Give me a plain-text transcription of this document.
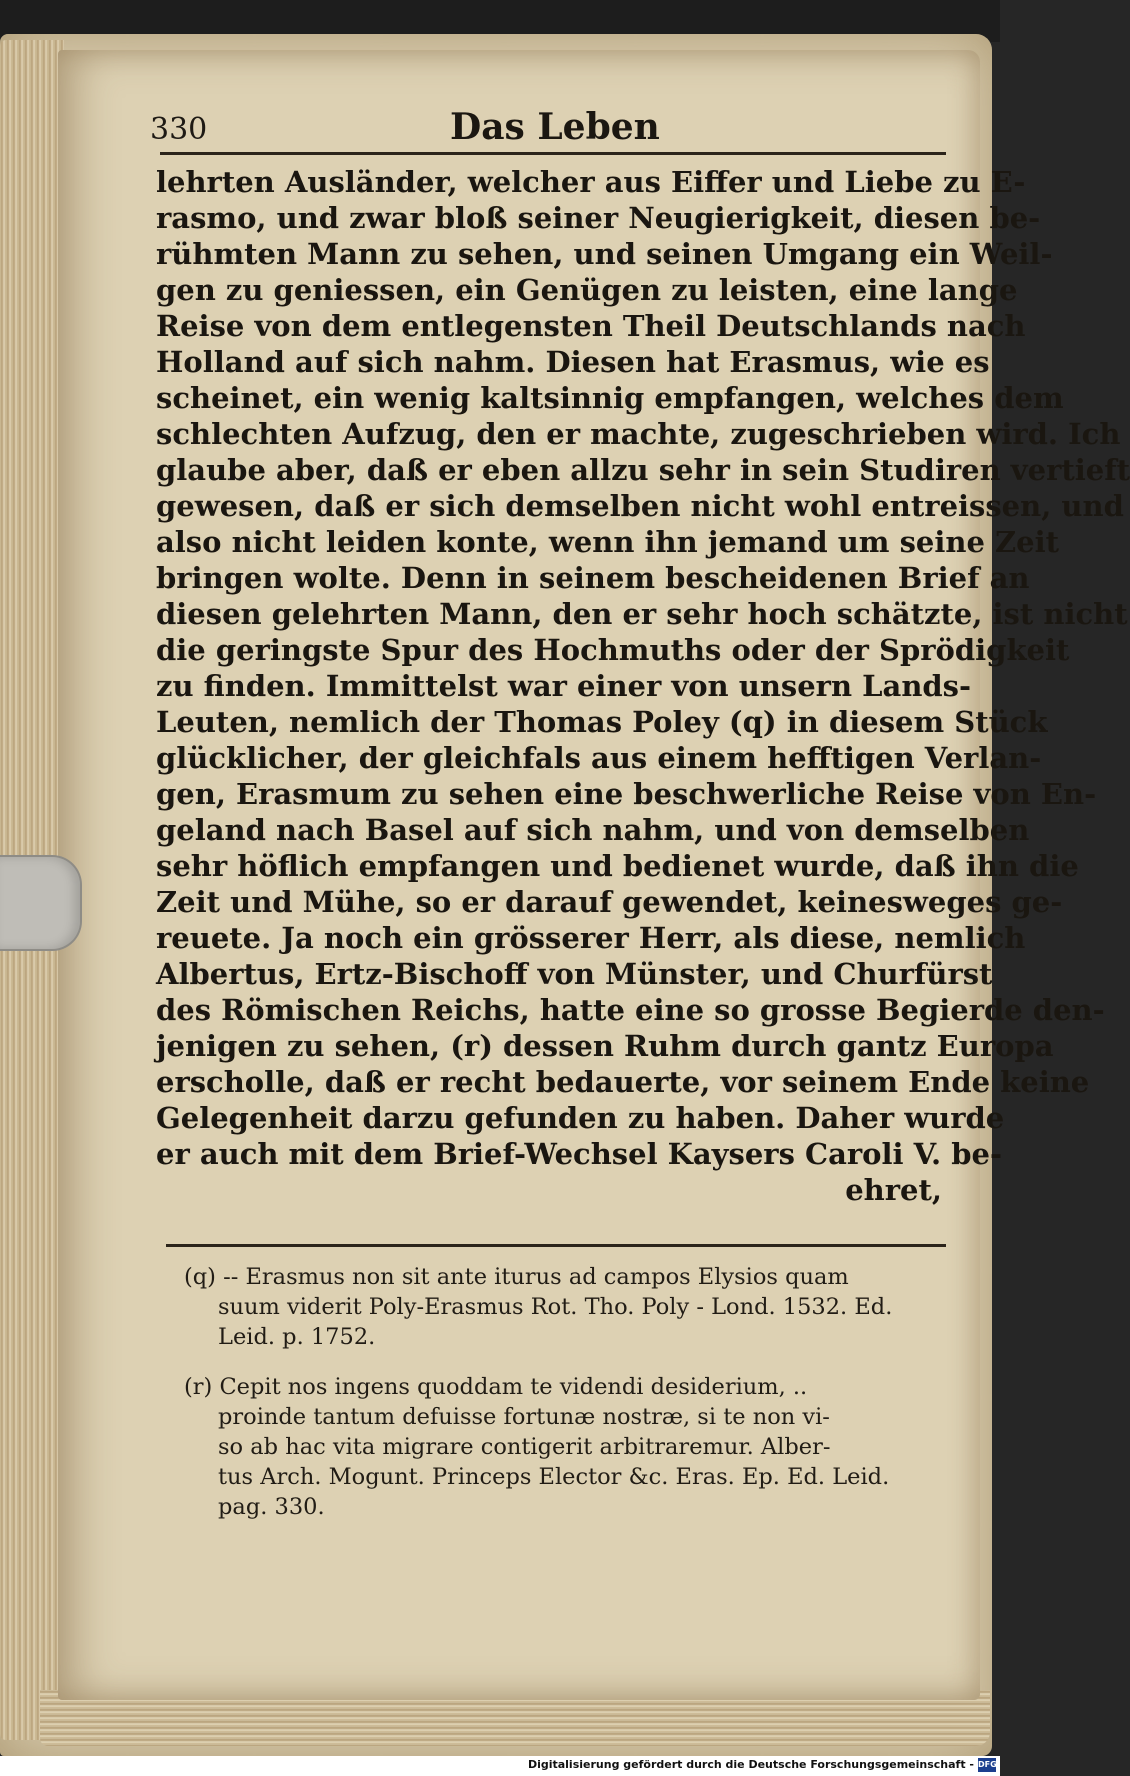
330	Das Leben
lehrten Ausländer, welcher aus Eiffer und Liebe zu E-
rasmo, und zwar bloß seiner Neugierigkeit, diesen be-
rühmten Mann zu sehen, und seinen Umgang ein Weil-
gen zu geniessen, ein Genügen zu leisten, eine lange
Reise von dem entlegensten Theil Deutschlands nach
Holland auf sich nahm. Diesen hat Erasmus, wie es
scheinet, ein wenig kaltsinnig empfangen, welches dem
schlechten Aufzug, den er machte, zugeschrieben wird. Ich
glaube aber, daß er eben allzu sehr in sein Studiren vertieft
gewesen, daß er sich demselben nicht wohl entreissen, und
also nicht leiden konte, wenn ihn jemand um seine Zeit
bringen wolte. Denn in seinem bescheidenen Brief an
diesen gelehrten Mann, den er sehr hoch schätzte, ist nicht
die geringste Spur des Hochmuths oder der Sprödigkeit
zu finden. Immittelst war einer von unsern Lands-
Leuten, nemlich der Thomas Poley (q) in diesem Stück
glücklicher, der gleichfals aus einem hefftigen Verlan-
gen, Erasmum zu sehen eine beschwerliche Reise von En-
geland nach Basel auf sich nahm, und von demselben
sehr höflich empfangen und bedienet wurde, daß ihn die
Zeit und Mühe, so er darauf gewendet, keinesweges ge-
reuete. Ja noch ein grösserer Herr, als diese, nemlich
Albertus, Ertz-Bischoff von Münster, und Churfürst
des Römischen Reichs, hatte eine so grosse Begierde den-
jenigen zu sehen, (r) dessen Ruhm durch gantz Europa
erschollе, daß er recht bedauerte, vor seinem Ende keine
Gelegenheit darzu gefunden zu haben. Daher wurde
er auch mit dem Brief-Wechsel Kaysers Caroli V. be-
ehret,
(q) -- Erasmus non sit ante iturus ad campos Elysios quam
suum viderit Poly-Erasmus Rot. Tho. Poly - Lond. 1532. Ed.
Leid. p. 1752.
(r) Cepit nos ingens quoddam te videndi desiderium, ..
proinde tantum defuisse fortunæ nostræ, si te non vi-
so ab hac vita migrare contigerit arbitraremur. Alber-
tus Arch. Mogunt. Princeps Elector &c. Eras. Ep. Ed. Leid.
pag. 330.
Digitalisierung gefördert durch die Deutsche Forschungsgemeinschaft - DFG
